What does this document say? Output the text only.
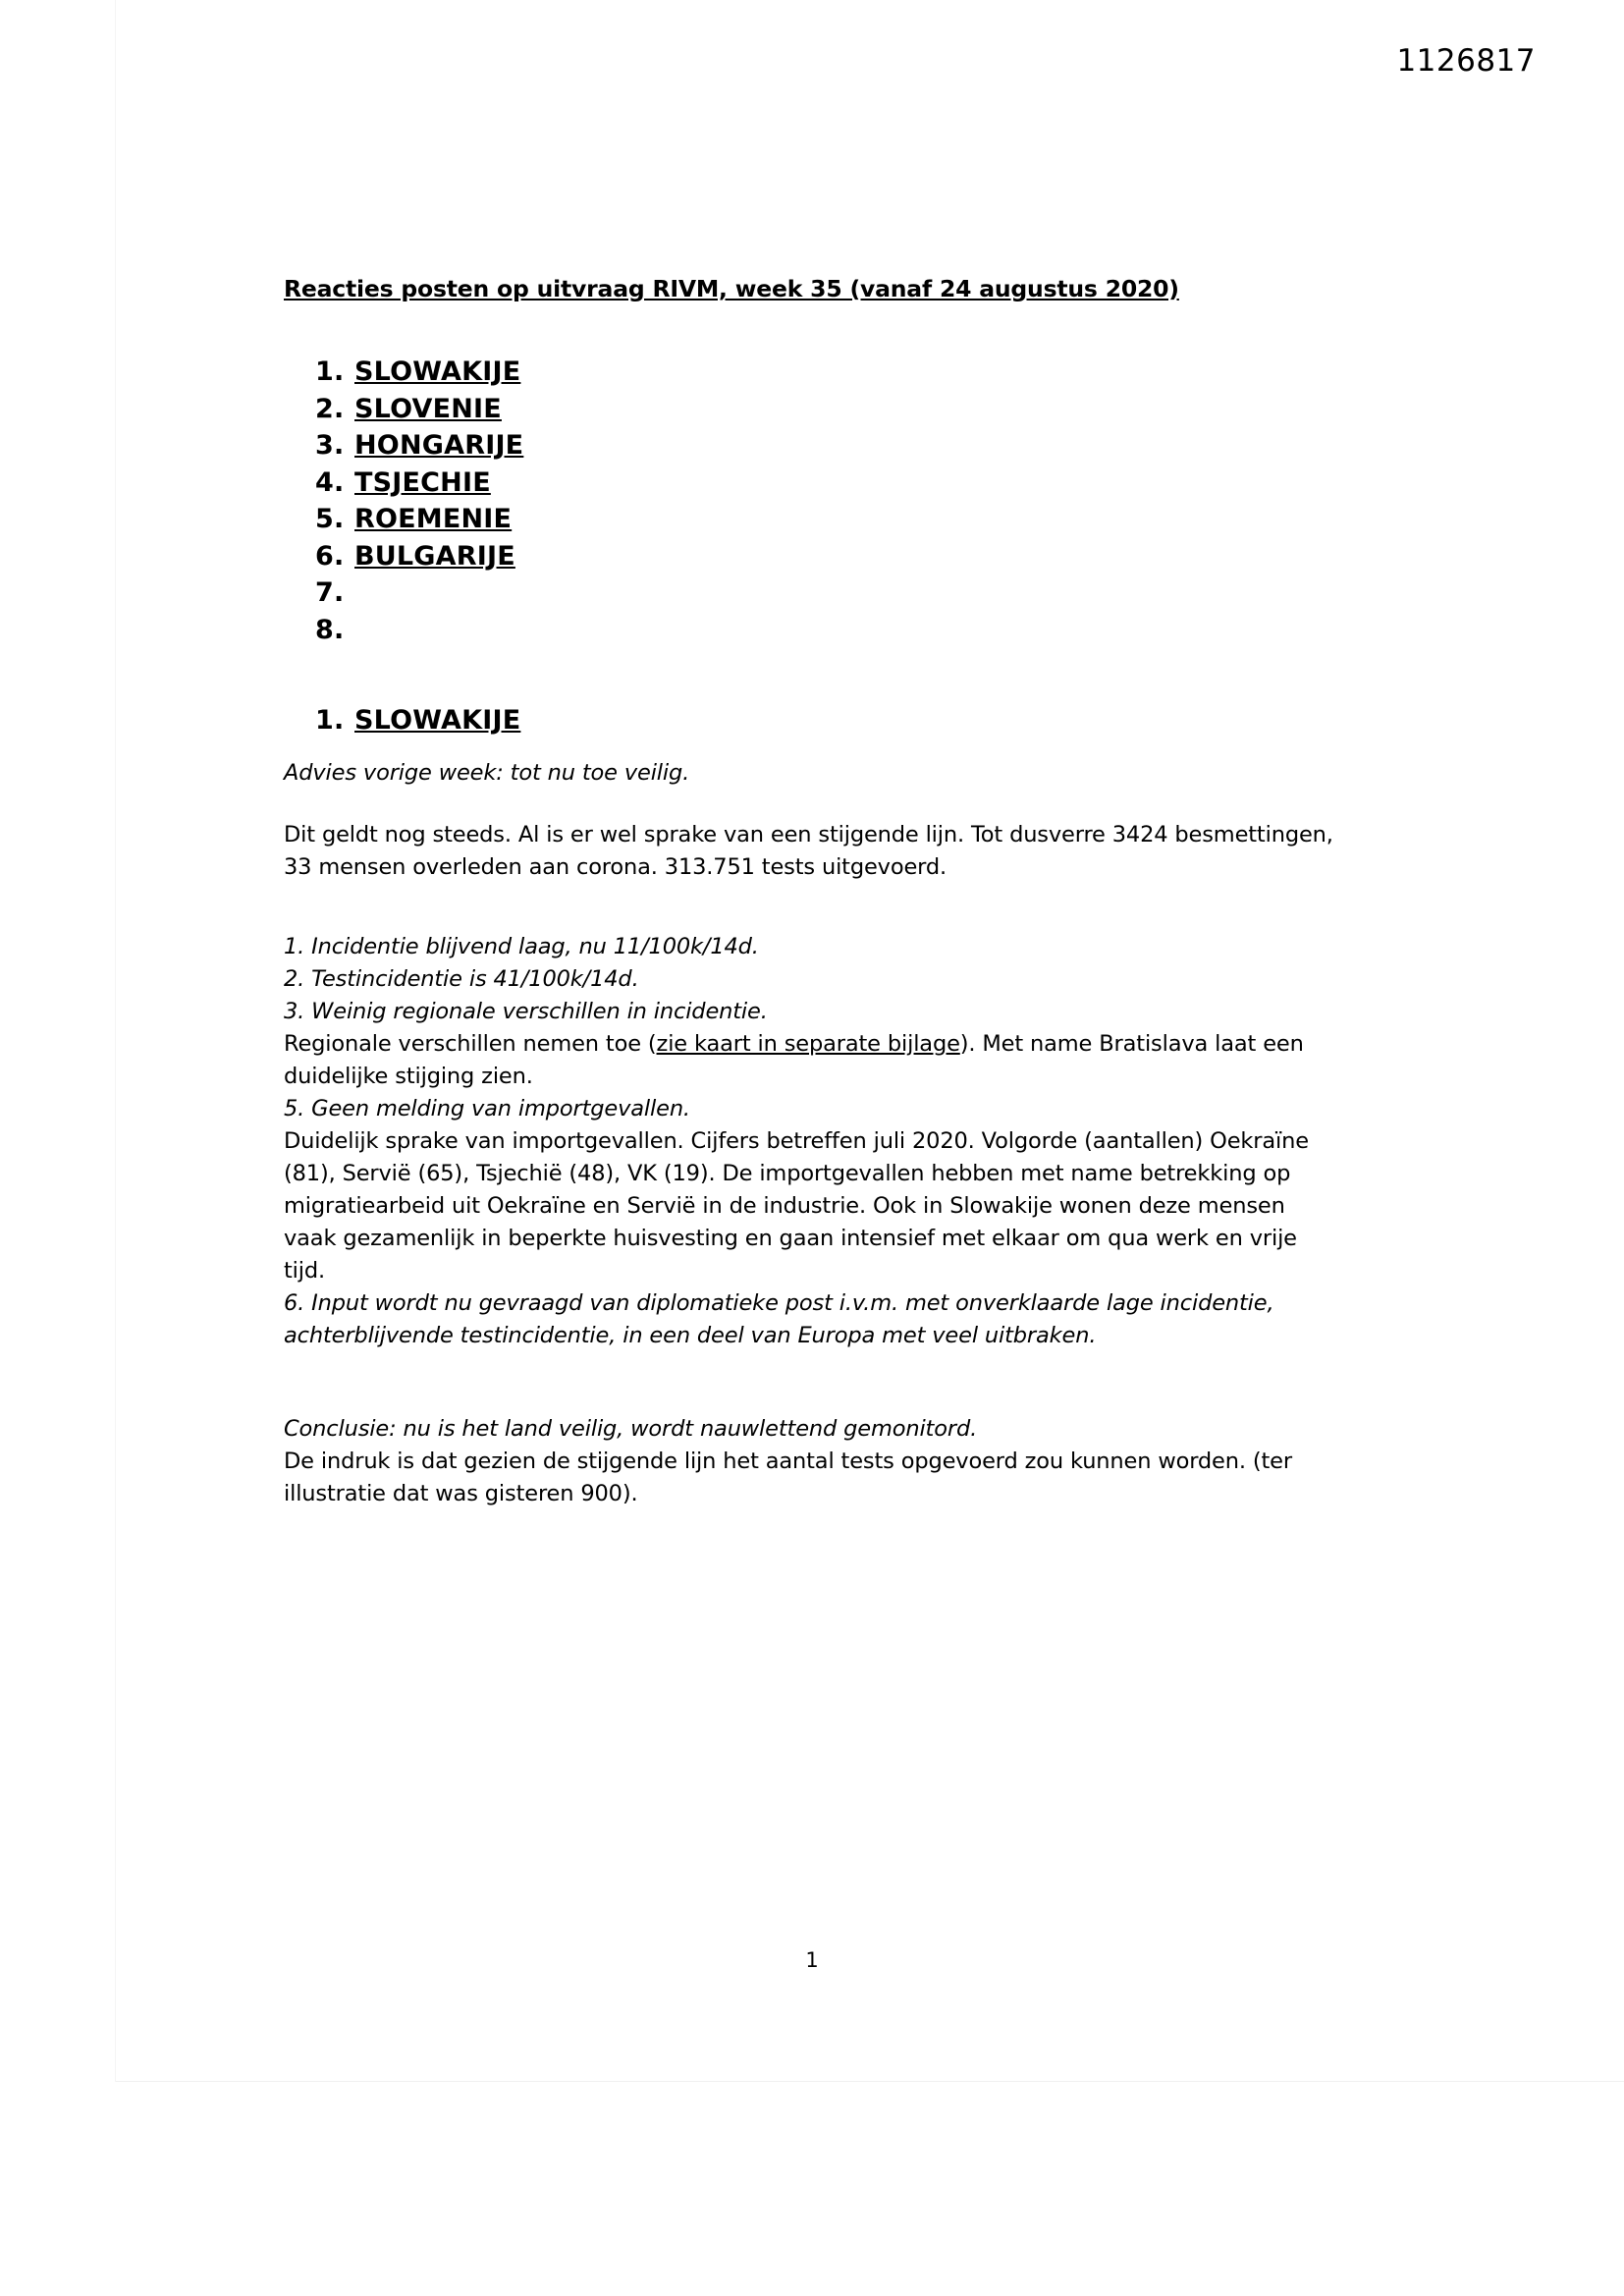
1126817
Reacties posten op uitvraag RIVM, week 35 (vanaf 24 augustus 2020)
1. SLOWAKIJE
2. SLOVENIE
3. HONGARIJE
4. TSJECHIE
5. ROEMENIE
6. BULGARIJE
7.
8.
1. SLOWAKIJE

Advies vorige week: tot nu toe veilig.

Dit geldt nog steeds. Al is er wel sprake van een stijgende lijn. Tot dusverre 3424 besmettingen, 33 mensen overleden aan corona. 313.751 tests uitgevoerd.

1. Incidentie blijvend laag, nu 11/100k/14d.

2. Testincidentie is 41/100k/14d.

3. Weinig regionale verschillen in incidentie.

Regionale verschillen nemen toe (zie kaart in separate bijlage). Met name Bratislava laat een duidelijke stijging zien.

5. Geen melding van importgevallen.

Duidelijk sprake van importgevallen. Cijfers betreffen juli 2020. Volgorde (aantallen) Oekraïne (81), Servië (65), Tsjechië (48), VK (19). De importgevallen hebben met name betrekking op migratiearbeid uit Oekraïne en Servië in de industrie. Ook in Slowakije wonen deze mensen vaak gezamenlijk in beperkte huisvesting en gaan intensief met elkaar om qua werk en vrije tijd.

6. Input wordt nu gevraagd van diplomatieke post i.v.m. met onverklaarde lage incidentie, achterblijvende testincidentie, in een deel van Europa met veel uitbraken.

Conclusie: nu is het land veilig, wordt nauwlettend gemonitord.

De indruk is dat gezien de stijgende lijn het aantal tests opgevoerd zou kunnen worden. (ter illustratie dat was gisteren 900).

1
